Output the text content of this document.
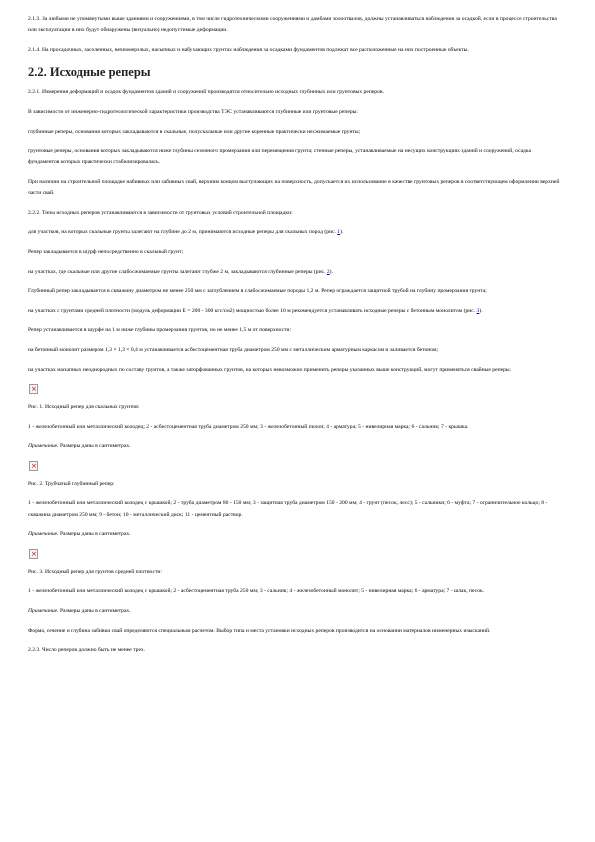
2.1.3. За любыми не упомянутыми выше зданиями и сооружениями, в том числе гидротехническими сооружениями и дамбами золоотвалов, должны устанавливаться наблюдения за осадкой, если в процессе строительства или эксплуатации в них будут обнаружены (визуально) недопустимые деформации.

2.1.4. На просадочных, засоленных, вечномерзлых, насыпных и набухающих грунтах наблюдения за осадками фундаментов подлежат все расположенные на них построенные объекты.

2.2. Исходные реперы

2.2.1. Измерения деформаций и осадок фундаментов зданий и сооружений производятся относительно исходных глубинных или грунтовых реперов.

В зависимости от инженерно-гидрогеологической характеристики производства ТЭС устанавливаются глубинные или грунтовые реперы:

глубинные реперы, основания которых закладываются в скальные, полускальные или другие коренные практически несжимаемые грунты;

грунтовые реперы, основания которых закладываются ниже глубины сезонного промерзания или перемещения грунта; стенные реперы, устанавливаемые на несущих конструкциях зданий и сооружений, осадка фундаментов которых практически стабилизировалась.

При наличии на строительной площадке набивных или забивных свай, верхним концом выступающих на поверхность, допускается их использование в качестве грунтовых реперов в соответствующем оформлении верхней части свай.

2.2.2. Типы исходных реперов устанавливаются в зависимости от грунтовых условий строительной площадки:

для участков, на которых скальные грунты залегают на глубине до 2 м, принимаются исходные реперы для скальных пород (рис. 1).

Репер закладывается в шурф непосредственно в скальный грунт;

на участках, где скальные или другие слабосжимаемые грунты залегают глубже 2 м, закладываются глубинные реперы (рис. 2).

Глубинный репер закладывается в скважину диаметром не менее 250 мм с заглублением в слабосжимаемые породы 1,2 м. Репер ограждается защитной трубой на глубину промерзания грунта;

на участках с грунтами средней плотности (модуль деформации Е = 200 - 300 кгс/см2) мощностью более 10 м рекомендуется устанавливать исходные реперы с бетонным монолитом (рис. 3).

Репер устанавливается в шурфе на 1 м ниже глубины промерзания грунтов, но не менее 1,5 м от поверхности:

на бетонный монолит размером 1,3 × 1,3 × 0,4 м устанавливается асбестоцементная труба диаметром 250 мм с металлическим арматурным каркасом и заливается бетоном;

на участках насыпных неоднородных по составу грунтов, а также заторфованных грунтов, на которых невозможно применить реперы указанных выше конструкций, могут применяться свайные реперы.

×

Рис. 1. Исходный репер для скальных грунтов:

1 - железобетонный или металлический колодец; 2 - асбестоцементная труба диаметром 250 мм; 3 - железобетонный пилон; 4 - арматура; 5 - нивелирная марка; 6 - сальник; 7 - крышка.

Примечание. Размеры даны в сантиметрах.

×

Рис. 2. Трубчатый глубинный репер:

1 - железобетонный или металлический колодец с крышкой; 2 - труба диаметром 80 - 150 мм; 3 - защитная труба диаметром 150 - 200 мм; 4 - грунт (песок, лесс); 5 - сальники; 6 - муфта; 7 - ограничительное кольцо; 8 - скважина диаметром 250 мм; 9 - бетон; 10 - металлический диск; 11 - цементный раствор.

Примечание. Размеры даны в сантиметрах.

×

Рис. 3. Исходный репер для грунтов средней плотности:

1 - железобетонный или металлический колодец с крышкой; 2 - асбестоцементная труба 250 мм; 3 - сальник; 4 - железобетонный монолит; 5 - нивелирная марка; 6 - арматура; 7 - шлак, песок.

Примечание. Размеры даны в сантиметрах.

Форма, сечение и глубина забивки свай определяются специальным расчетом. Выбор типа и места установки исходных реперов производится на основании материалов инженерных изысканий.

2.2.3. Число реперов должно быть не менее трех.
